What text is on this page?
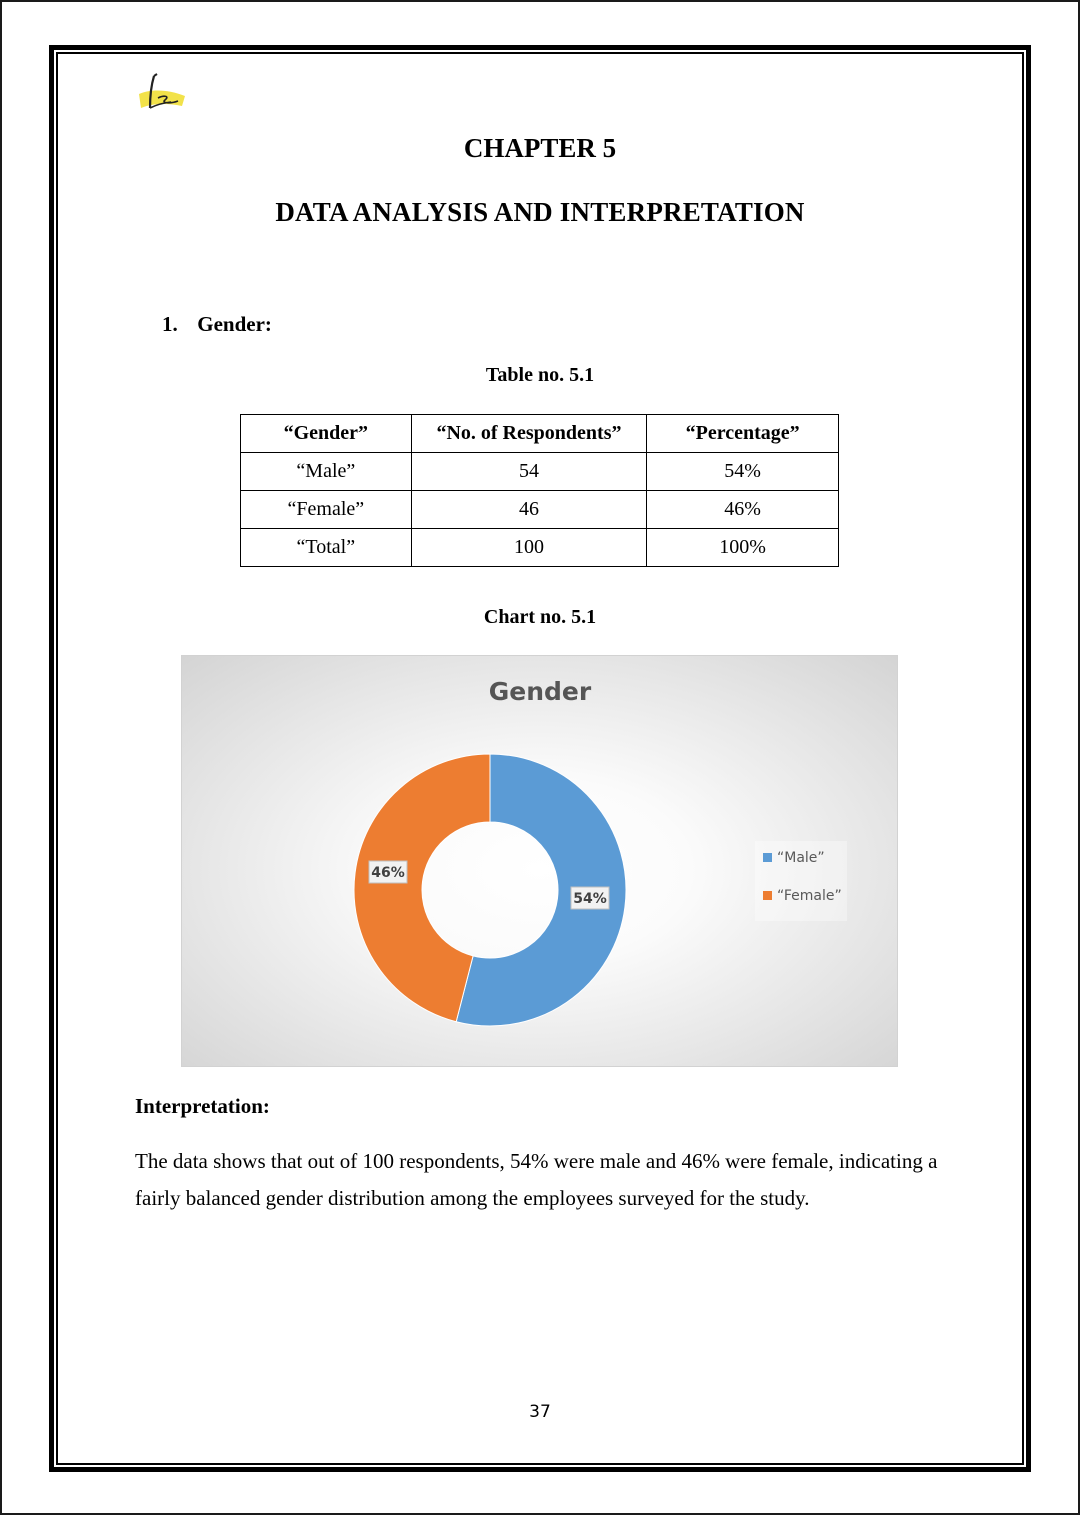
CHAPTER 5
DATA ANALYSIS AND INTERPRETATION
1. Gender:
Table no. 5.1
“Gender”	“No. of Respondents”	“Percentage”
“Male”	54	54%
“Female”	46	46%
“Total”	100	100%
Chart no. 5.1
Gender
54%
46%
“Male”
“Female”
Interpretation:
The data shows that out of 100 respondents, 54% were male and 46% were female, indicating a fairly balanced gender distribution among the employees surveyed for the study.
37
